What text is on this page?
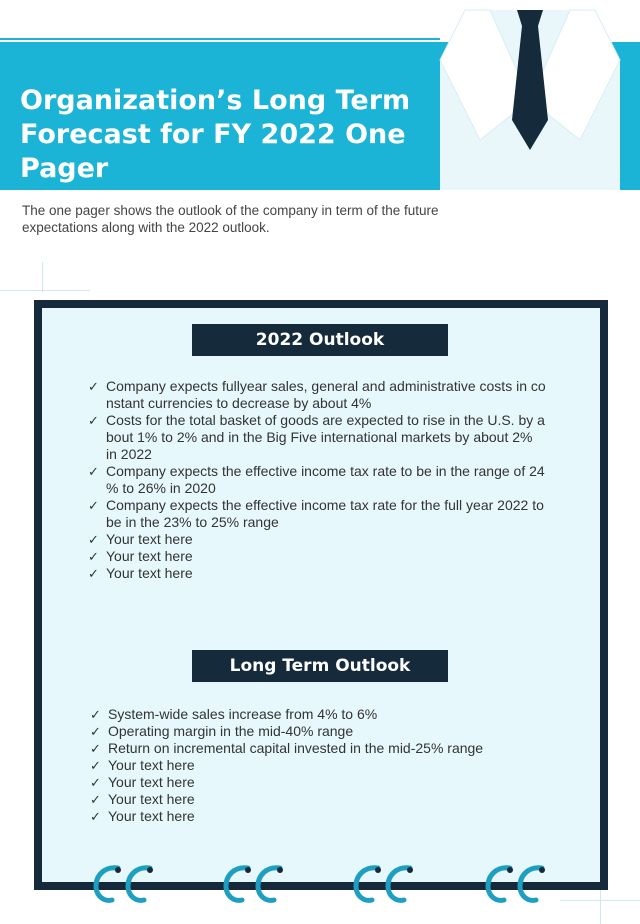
Organization’s Long Term
Forecast for FY 2022 One Pager
The one pager shows the outlook of the company in term of the future
expectations along with the 2022 outlook.
2022 Outlook
✓ Company expects fullyear sales, general and administrative costs in co
nstant currencies to decrease by about 4%
✓ Costs for the total basket of goods are expected to rise in the U.S. by a
bout 1% to 2% and in the Big Five international markets by about 2%
in 2022
✓ Company expects the effective income tax rate to be in the range of 24
% to 26% in 2020
✓ Company expects the effective income tax rate for the full year 2022 to
be in the 23% to 25% range
✓ Your text here
✓ Your text here
✓ Your text here
Long Term Outlook
✓ System-wide sales increase from 4% to 6%
✓ Operating margin in the mid-40% range
✓ Return on incremental capital invested in the mid-25% range
✓ Your text here
✓ Your text here
✓ Your text here
✓ Your text here
